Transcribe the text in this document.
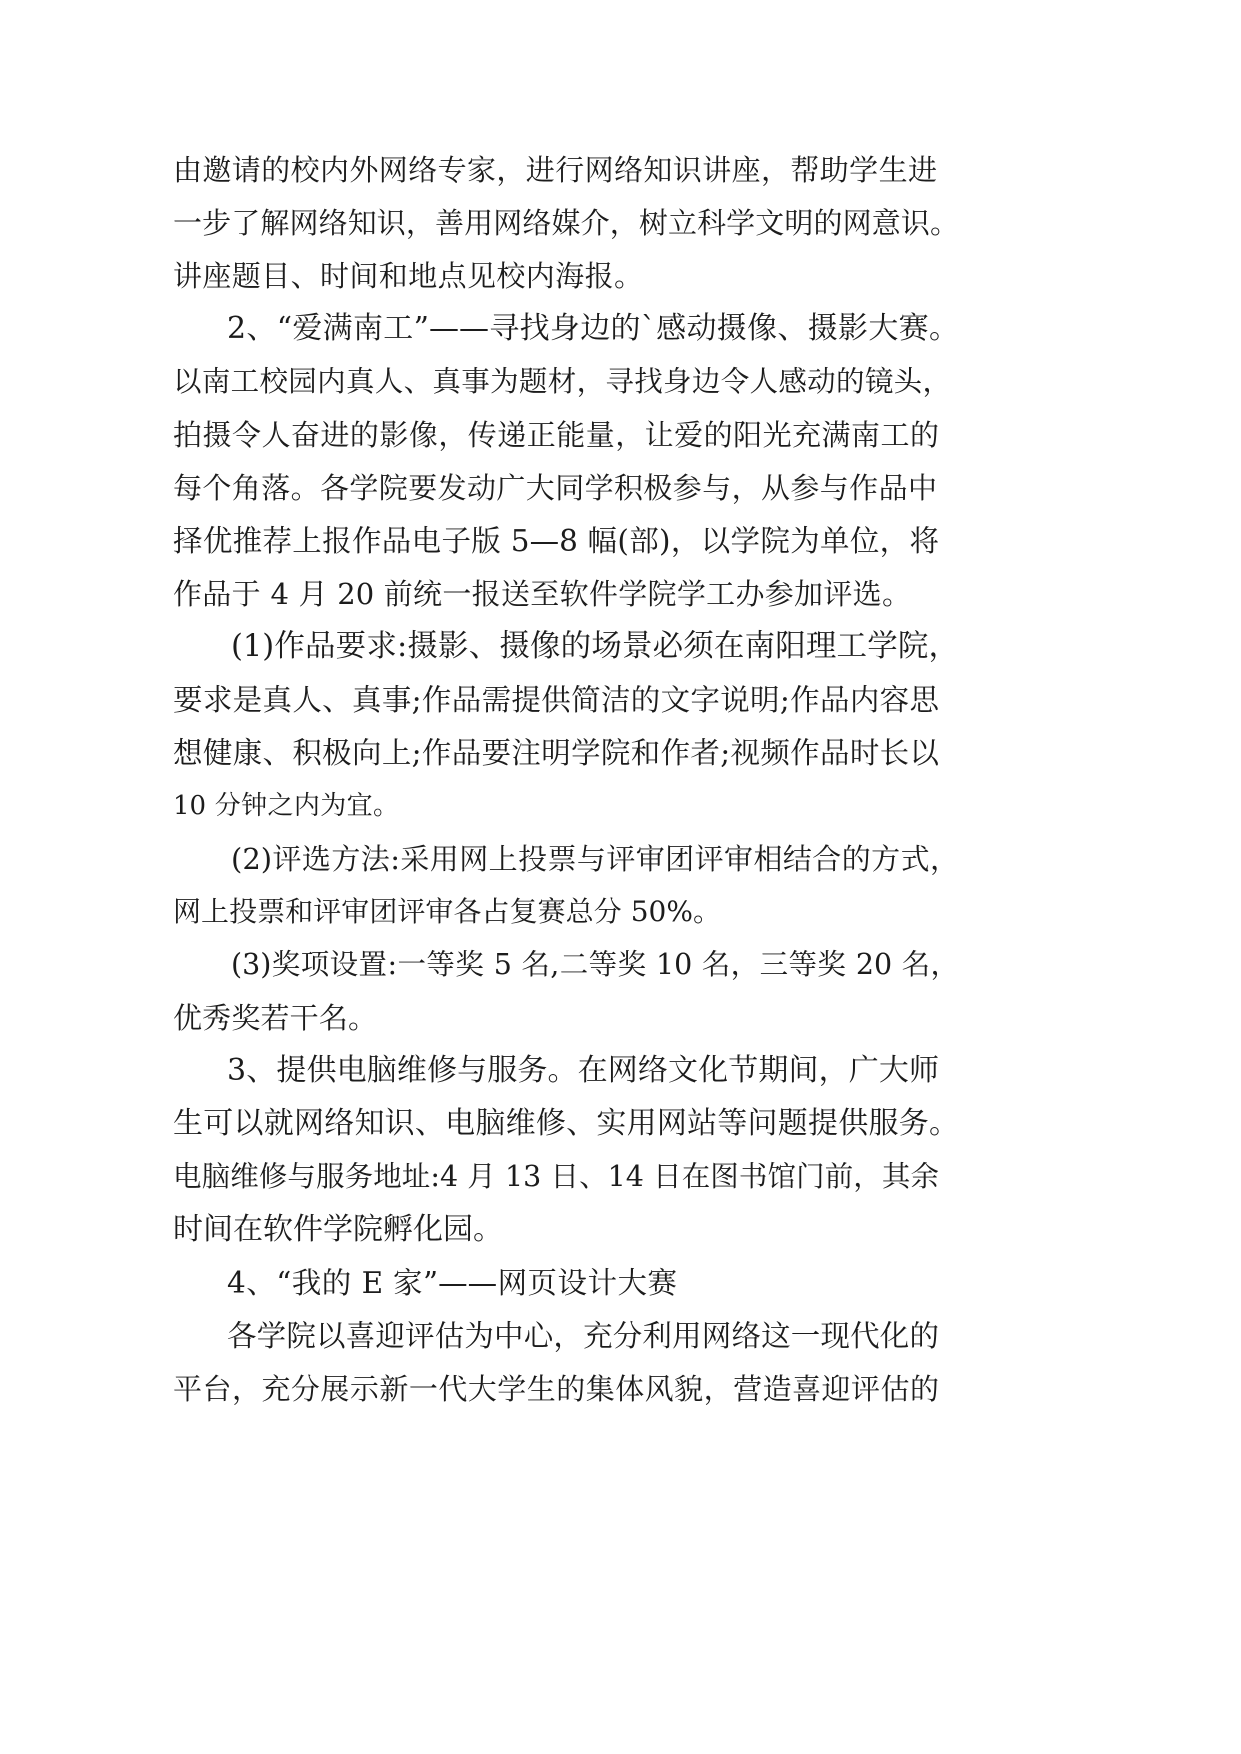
由邀请的校内外网络专家，进行网络知识讲座，帮助学生进
一步了解网络知识，善用网络媒介，树立科学文明的网意识。
讲座题目、时间和地点见校内海报。
2、“爱满南工”——寻找身边的`感动摄像、摄影大赛。
以南工校园内真人、真事为题材，寻找身边令人感动的镜头，
拍摄令人奋进的影像，传递正能量，让爱的阳光充满南工的
每个角落。各学院要发动广大同学积极参与，从参与作品中
择优推荐上报作品电子版 5—8 幅(部)，以学院为单位，将
作品于 4 月 20 前统一报送至软件学院学工办参加评选。
(1)作品要求:摄影、摄像的场景必须在南阳理工学院，
要求是真人、真事;作品需提供简洁的文字说明;作品内容思
想健康、积极向上;作品要注明学院和作者;视频作品时长以
10 分钟之内为宜。
(2)评选方法:采用网上投票与评审团评审相结合的方式，
网上投票和评审团评审各占复赛总分 50%。
(3)奖项设置:一等奖 5 名,二等奖 10 名，三等奖 20 名，
优秀奖若干名。
3、提供电脑维修与服务。在网络文化节期间，广大师
生可以就网络知识、电脑维修、实用网站等问题提供服务。
电脑维修与服务地址:4 月 13 日、14 日在图书馆门前，其余
时间在软件学院孵化园。
4、“我的 E 家”——网页设计大赛
各学院以喜迎评估为中心，充分利用网络这一现代化的
平台，充分展示新一代大学生的集体风貌，营造喜迎评估的
